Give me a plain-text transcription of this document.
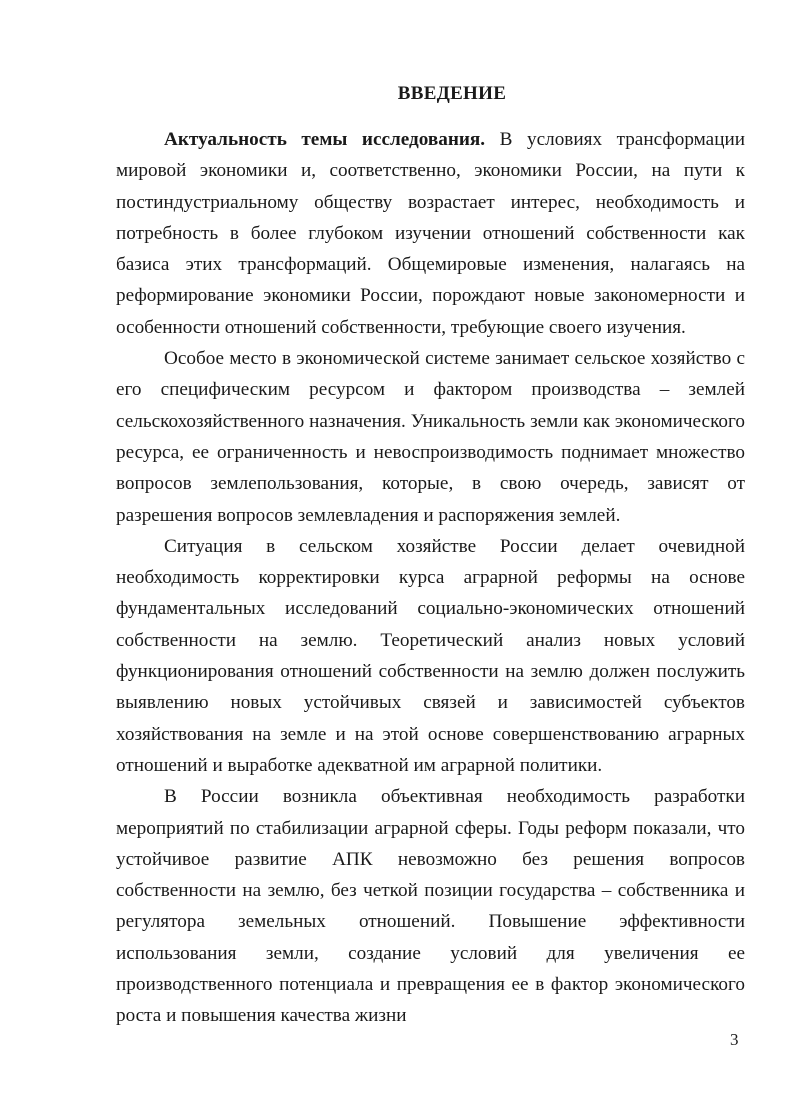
ВВЕДЕНИЕ

Актуальность темы исследования. В условиях трансформации мировой экономики и, соответственно, экономики России, на пути к постиндустриальному обществу возрастает интерес, необходимость и потребность в более глубоком изучении отношений собственности как базиса этих трансформаций. Общемировые изменения, налагаясь на реформирование экономики России, порождают новые закономерности и особенности отношений собственности, требующие своего изучения.

Особое место в экономической системе занимает сельское хозяйство с его специфическим ресурсом и фактором производства – землей сельскохозяйственного назначения. Уникальность земли как экономического ресурса, ее ограниченность и невоспроизводимость поднимает множество вопросов землепользования, которые, в свою очередь, зависят от разрешения вопросов землевладения и распоряжения землей.

Ситуация в сельском хозяйстве России делает очевидной необходимость корректировки курса аграрной реформы на основе фундаментальных исследований социально-экономических отношений собственности на землю. Теоретический анализ новых условий функционирования отношений собственности на землю должен послужить выявлению новых устойчивых связей и зависимостей субъектов хозяйствования на земле и на этой основе совершенствованию аграрных отношений и выработке адекватной им аграрной политики.

В России возникла объективная необходимость разработки мероприятий по стабилизации аграрной сферы. Годы реформ показали, что устойчивое развитие АПК невозможно без решения вопросов собственности на землю, без четкой позиции государства – собственника и регулятора земельных отношений. Повышение эффективности использования земли, создание условий для увеличения ее производственного потенциала и превращения ее в фактор экономического роста и повышения качества жизни

3
